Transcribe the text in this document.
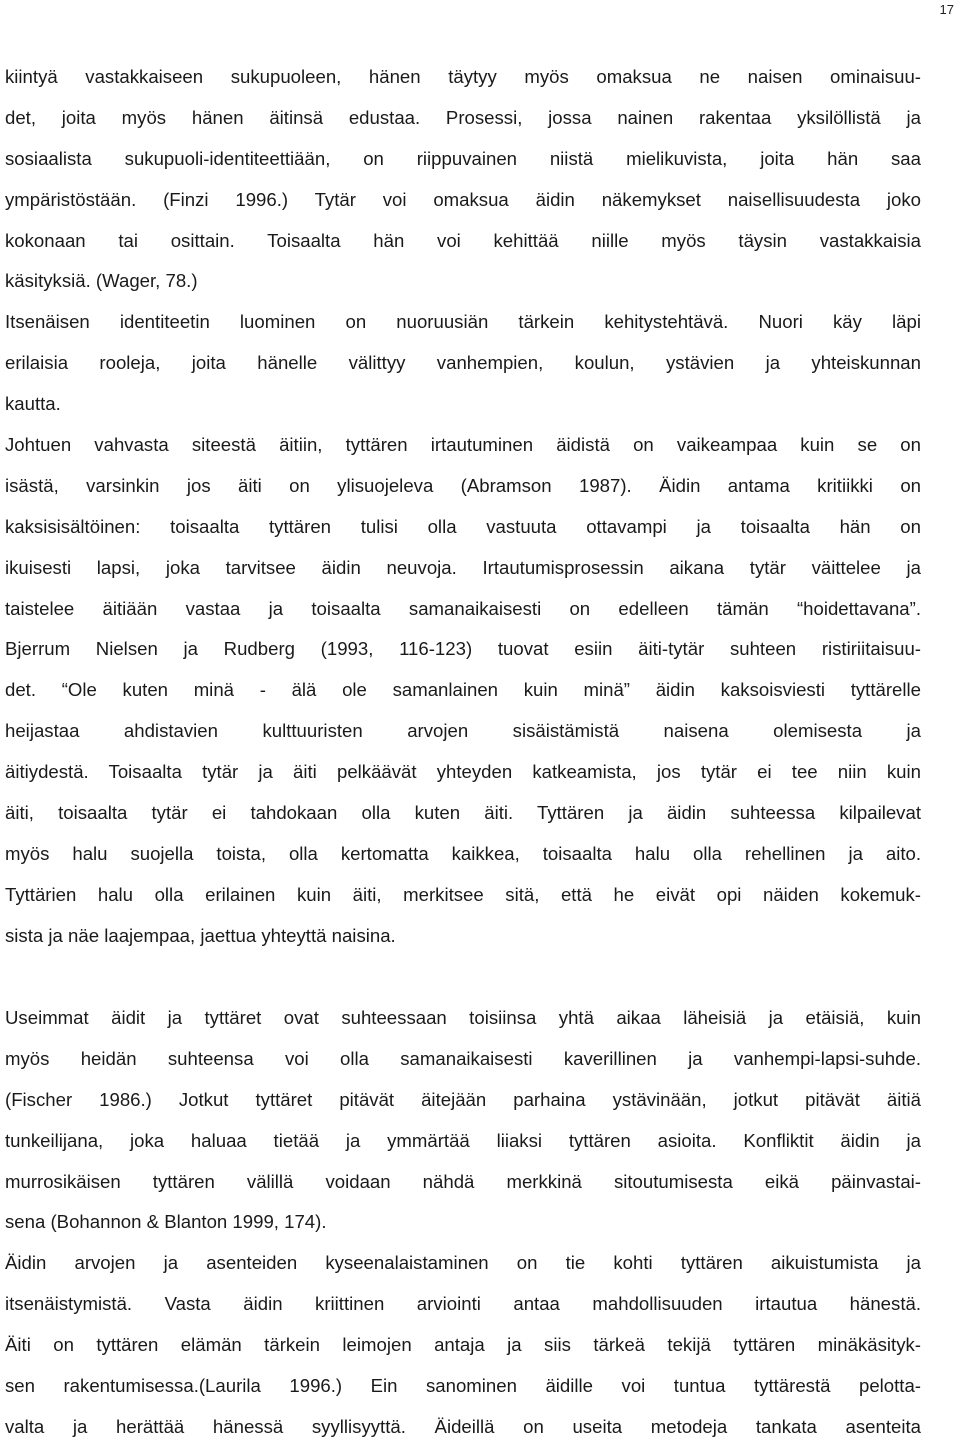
17
kiintyä vastakkaiseen sukupuoleen, hänen täytyy myös omaksua ne naisen ominaisuu-
det, joita myös hänen äitinsä edustaa. Prosessi, jossa nainen rakentaa yksilöllistä ja
sosiaalista sukupuoli-identiteettiään, on riippuvainen niistä mielikuvista, joita hän saa
ympäristöstään. (Finzi 1996.) Tytär voi omaksua äidin näkemykset naisellisuudesta joko
kokonaan tai osittain. Toisaalta hän voi kehittää niille myös täysin vastakkaisia
käsityksiä. (Wager, 78.)
Itsenäisen identiteetin luominen on nuoruusiän tärkein kehitystehtävä. Nuori käy läpi
erilaisia rooleja, joita hänelle välittyy vanhempien, koulun, ystävien ja yhteiskunnan
kautta.
Johtuen vahvasta siteestä äitiin, tyttären irtautuminen äidistä on vaikeampaa kuin se on
isästä, varsinkin jos äiti on ylisuojeleva (Abramson 1987). Äidin antama kritiikki on
kaksisisältöinen: toisaalta tyttären tulisi olla vastuuta ottavampi ja toisaalta hän on
ikuisesti lapsi, joka tarvitsee äidin neuvoja. Irtautumisprosessin aikana tytär väittelee ja
taistelee äitiään vastaa ja toisaalta samanaikaisesti on edelleen tämän “hoidettavana”.
Bjerrum Nielsen ja Rudberg (1993, 116-123) tuovat esiin äiti-tytär suhteen ristiriitaisuu-
det. “Ole kuten minä - älä ole samanlainen kuin minä” äidin kaksoisviesti tyttärelle
heijastaa ahdistavien kulttuuristen arvojen sisäistämistä naisena olemisesta ja
äitiydestä. Toisaalta tytär ja äiti pelkäävät yhteyden katkeamista, jos tytär ei tee niin kuin
äiti, toisaalta tytär ei tahdokaan olla kuten äiti. Tyttären ja äidin suhteessa kilpailevat
myös halu suojella toista, olla kertomatta kaikkea, toisaalta halu olla rehellinen ja aito.
Tyttärien halu olla erilainen kuin äiti, merkitsee sitä, että he eivät opi näiden kokemuk-
sista ja näe laajempaa, jaettua yhteyttä naisina.
Useimmat äidit ja tyttäret ovat suhteessaan toisiinsa yhtä aikaa läheisiä ja etäisiä, kuin
myös heidän suhteensa voi olla samanaikaisesti kaverillinen ja vanhempi-lapsi-suhde.
(Fischer 1986.) Jotkut tyttäret pitävät äitejään parhaina ystävinään, jotkut pitävät äitiä
tunkeilijana, joka haluaa tietää ja ymmärtää liiaksi tyttären asioita. Konfliktit äidin ja
murrosikäisen tyttären välillä voidaan nähdä merkkinä sitoutumisesta eikä päinvastai-
sena (Bohannon & Blanton 1999, 174).
Äidin arvojen ja asenteiden kyseenalaistaminen on tie kohti tyttären aikuistumista ja
itsenäistymistä. Vasta äidin kriittinen arviointi antaa mahdollisuuden irtautua hänestä.
Äiti on tyttären elämän tärkein leimojen antaja ja siis tärkeä tekijä tyttären minäkäsityk-
sen rakentumisessa.(Laurila 1996.) Ein sanominen äidille voi tuntua tyttärestä pelotta-
valta ja herättää hänessä syyllisyyttä. Äideillä on useita metodeja tankata asenteita
